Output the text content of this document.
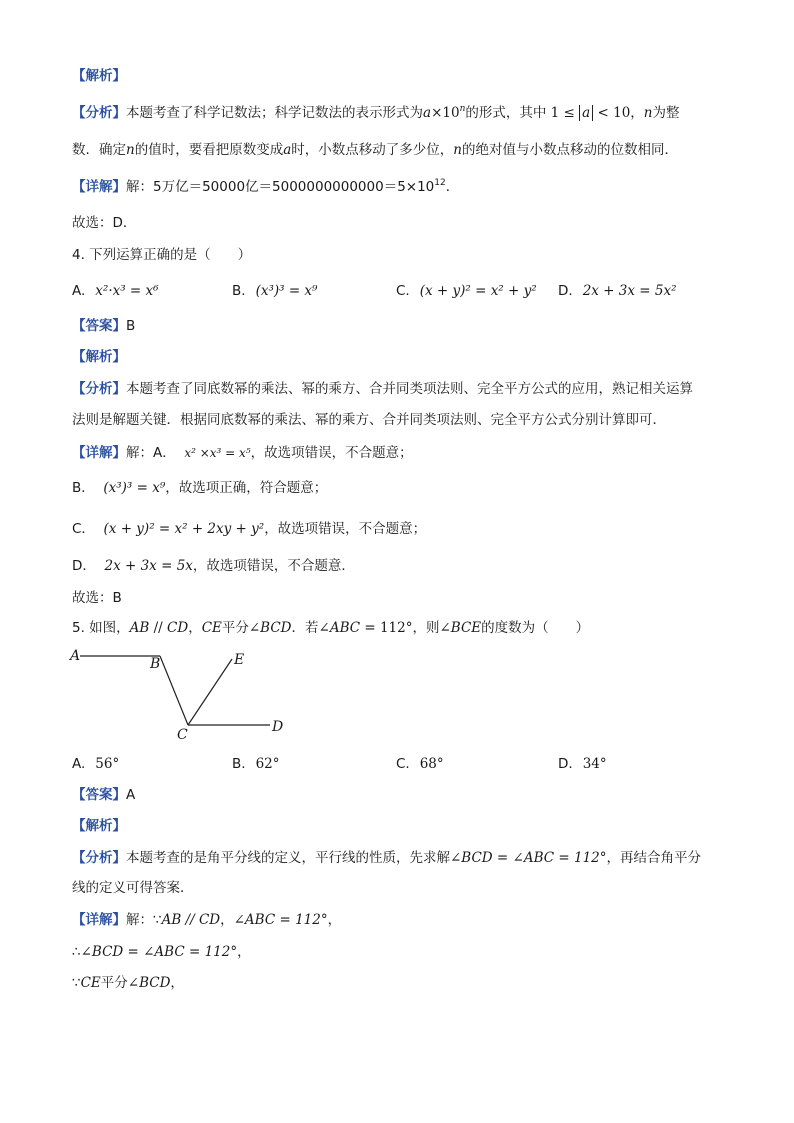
【解析】
【分析】本题考查了科学记数法；科学记数法的表示形式为$a\times 10^n$的形式，其中 1 ≤ a < 10，n为整
数．确定n的值时，要看把原数变成a时，小数点移动了多少位，n的绝对值与小数点移动的位数相同．
【详解】解：5万亿＝50000亿$=5000000000000=5\times 10^{12}$．
故选：D．
4. 下列运算正确的是（　　）
A. x²·x³ = x⁶	B. (x³)³ = x⁹	C. (x + y)² = x² + y² D. 2x + 3x = 5x²
【答案】B
【解析】
【分析】本题考查了同底数幂的乘法、幂的乘方、合并同类项法则、完全平方公式的应用，熟记相关运算
法则是解题关键．根据同底数幂的乘法、幂的乘方、合并同类项法则、完全平方公式分别计算即可．
【详解】解：A． x² ×x³ = x⁵，故选项错误，不合题意；
B． (x³)³ = x⁹，故选项正确，符合题意；
C． (x + y)² = x² + 2xy + y²，故选项错误，不合题意；
D． 2x + 3x = 5x，故选项错误，不合题意．
故选：B
5. 如图，AB // CD，CE平分∠BCD．若∠ABC = 112°，则∠BCE的度数为（　　）
A	B
C	D
E
A. 56°	B. 62°	C. 68°	D. 34°
【答案】A
【解析】
【分析】本题考查的是角平分线的定义，平行线的性质，先求解∠BCD = ∠ABC = 112°，再结合角平分
线的定义可得答案．
【详解】解：∵AB // CD，∠ABC = 112°，
∴∠BCD = ∠ABC = 112°，
∵CE平分∠BCD，
